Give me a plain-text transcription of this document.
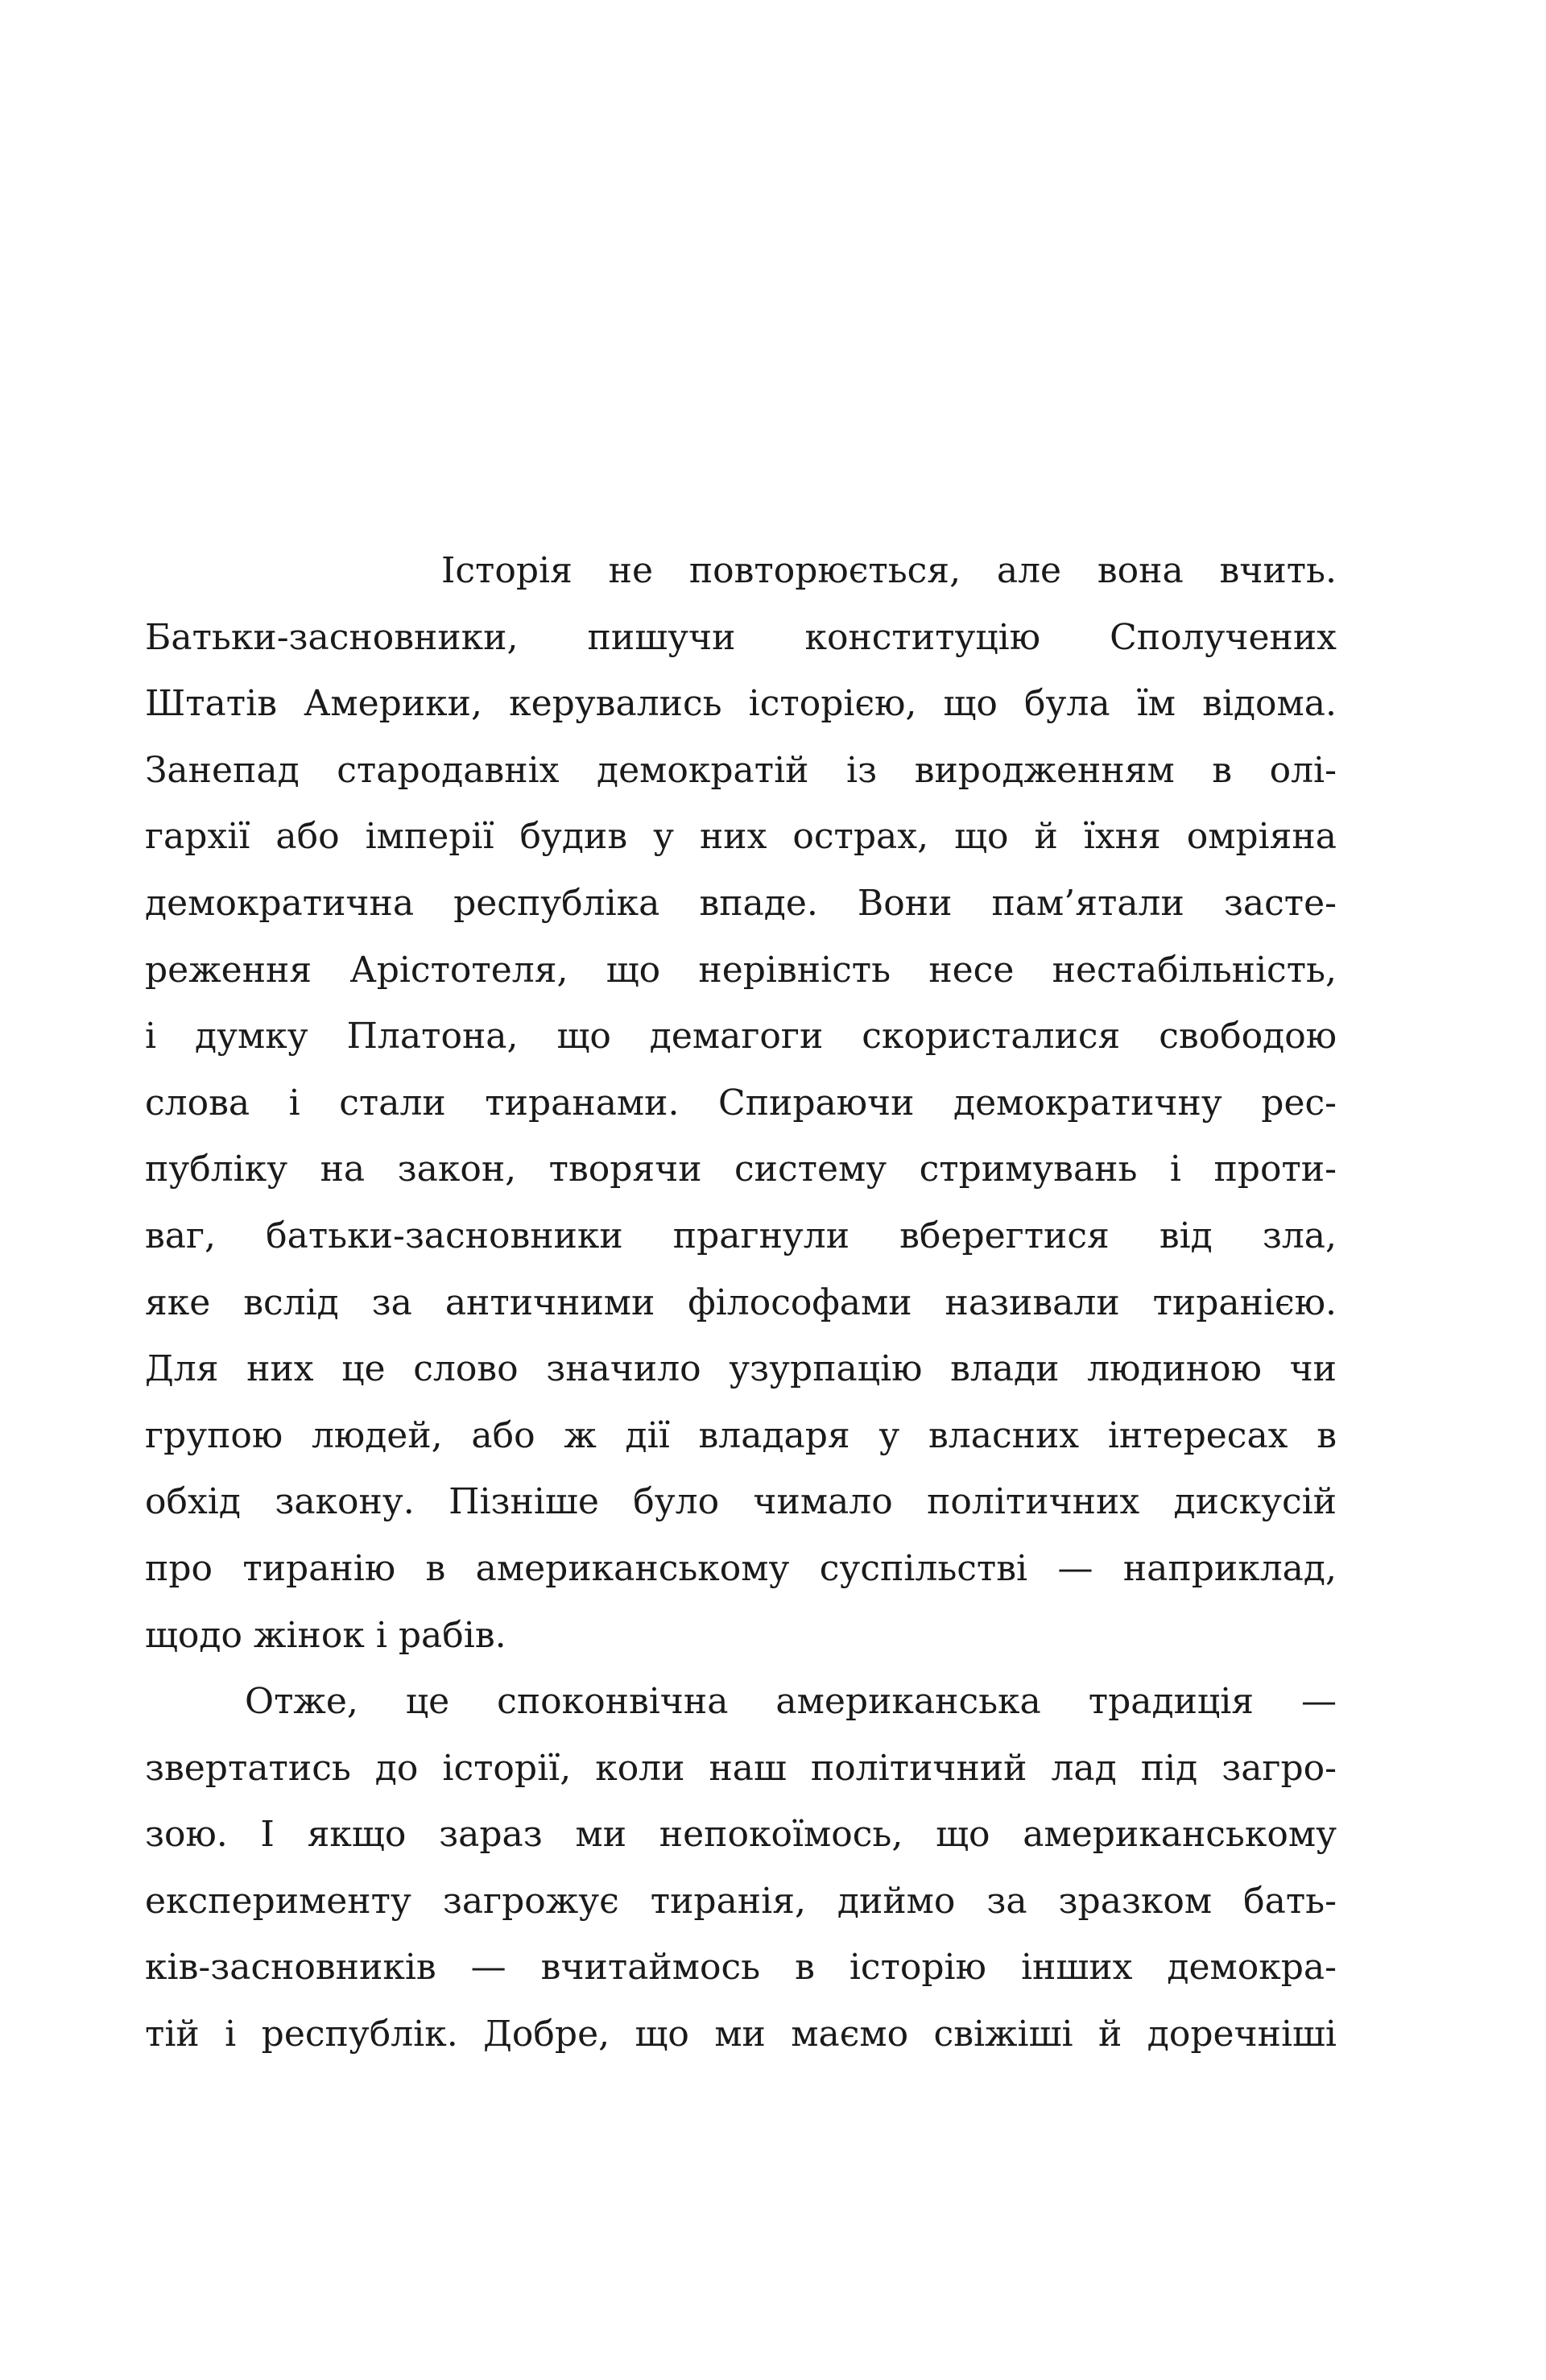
Історія не повторюється, але вона вчить.
Батьки-засновники, пишучи конституцію Сполучених
Штатів Америки, керувались історією, що була їм відома.
Занепад стародавніх демократій із виродженням в олі-
гархії або імперії будив у них острах, що й їхня омріяна
демократична республіка впаде. Вони пам’ятали засте-
реження Арістотеля, що нерівність несе нестабільність,
і думку Платона, що демагоги скористалися свободою
слова і стали тиранами. Спираючи демократичну рес-
публіку на закон, творячи систему стримувань і проти-
ваг, батьки-засновники прагнули вберегтися від зла,
яке вслід за античними філософами називали тиранією.
Для них це слово значило узурпацію влади людиною чи
групою людей, або ж дії владаря у власних інтересах в
обхід закону. Пізніше було чимало політичних дискусій
про тиранію в американському суспільстві — наприклад,
щодо жінок і рабів.
Отже, це споконвічна американська традиція —
звертатись до історії, коли наш політичний лад під загро-
зою. І якщо зараз ми непокоїмось, що американському
експерименту загрожує тиранія, диймо за зразком бать-
ків-засновників — вчитаймось в історію інших демокра-
тій і республік. Добре, що ми маємо свіжіші й доречніші
